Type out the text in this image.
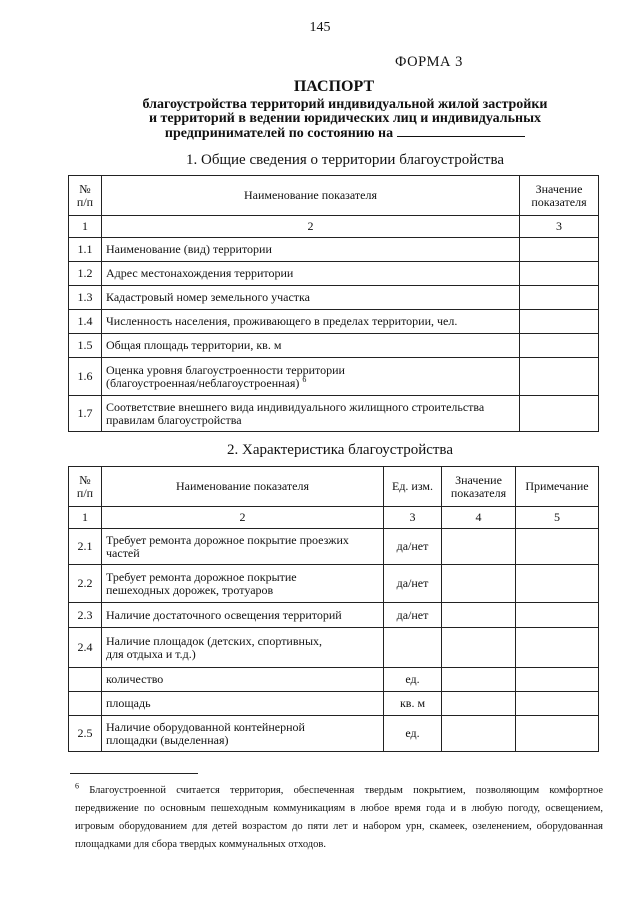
145
ФОРМА 3
ПАСПОРТ
благоустройства территорий индивидуальной жилой застройки
и территорий в ведении юридических лиц и индивидуальных
предпринимателей по состоянию на
1. Общие сведения о территории благоустройства
№
п/п	Наименование показателя	Значение
показателя
1	2	3
1.1	Наименование (вид) территории	
1.2	Адрес местонахождения территории	
1.3	Кадастровый номер земельного участка	
1.4	Численность населения, проживающего в пределах территории, чел.	
1.5	Общая площадь территории, кв. м	
1.6	Оценка уровня благоустроенности территории
(благоустроенная/неблагоустроенная) $^6$	
1.7	Соответствие внешнего вида индивидуального жилищного строительства
правилам благоустройства	
2. Характеристика благоустройства
№
п/п	Наименование показателя	Ед. изм.	Значение
показателя	Примечание
1	2	3	4	5
2.1	Требует ремонта дорожное покрытие проезжих
частей	да/нет		
2.2	Требует ремонта дорожное покрытие
пешеходных дорожек, тротуаров	да/нет		
2.3	Наличие достаточного освещения территорий	да/нет		
2.4	Наличие площадок (детских, спортивных,
для отдыха и т.д.)			
	количество	ед.		
	площадь	кв. м		
2.5	Наличие оборудованной контейнерной
площадки (выделенная)	ед.		
$^6$ Благоустроенной считается территория, обеспеченная твердым покрытием, позволяющим комфортное передвижение по основным пешеходным коммуникациям в любое время года и в любую погоду, освещением, игровым оборудованием для детей возрастом до пяти лет и набором урн, скамеек, озеленением, оборудованная площадками для сбора твердых коммунальных отходов.
